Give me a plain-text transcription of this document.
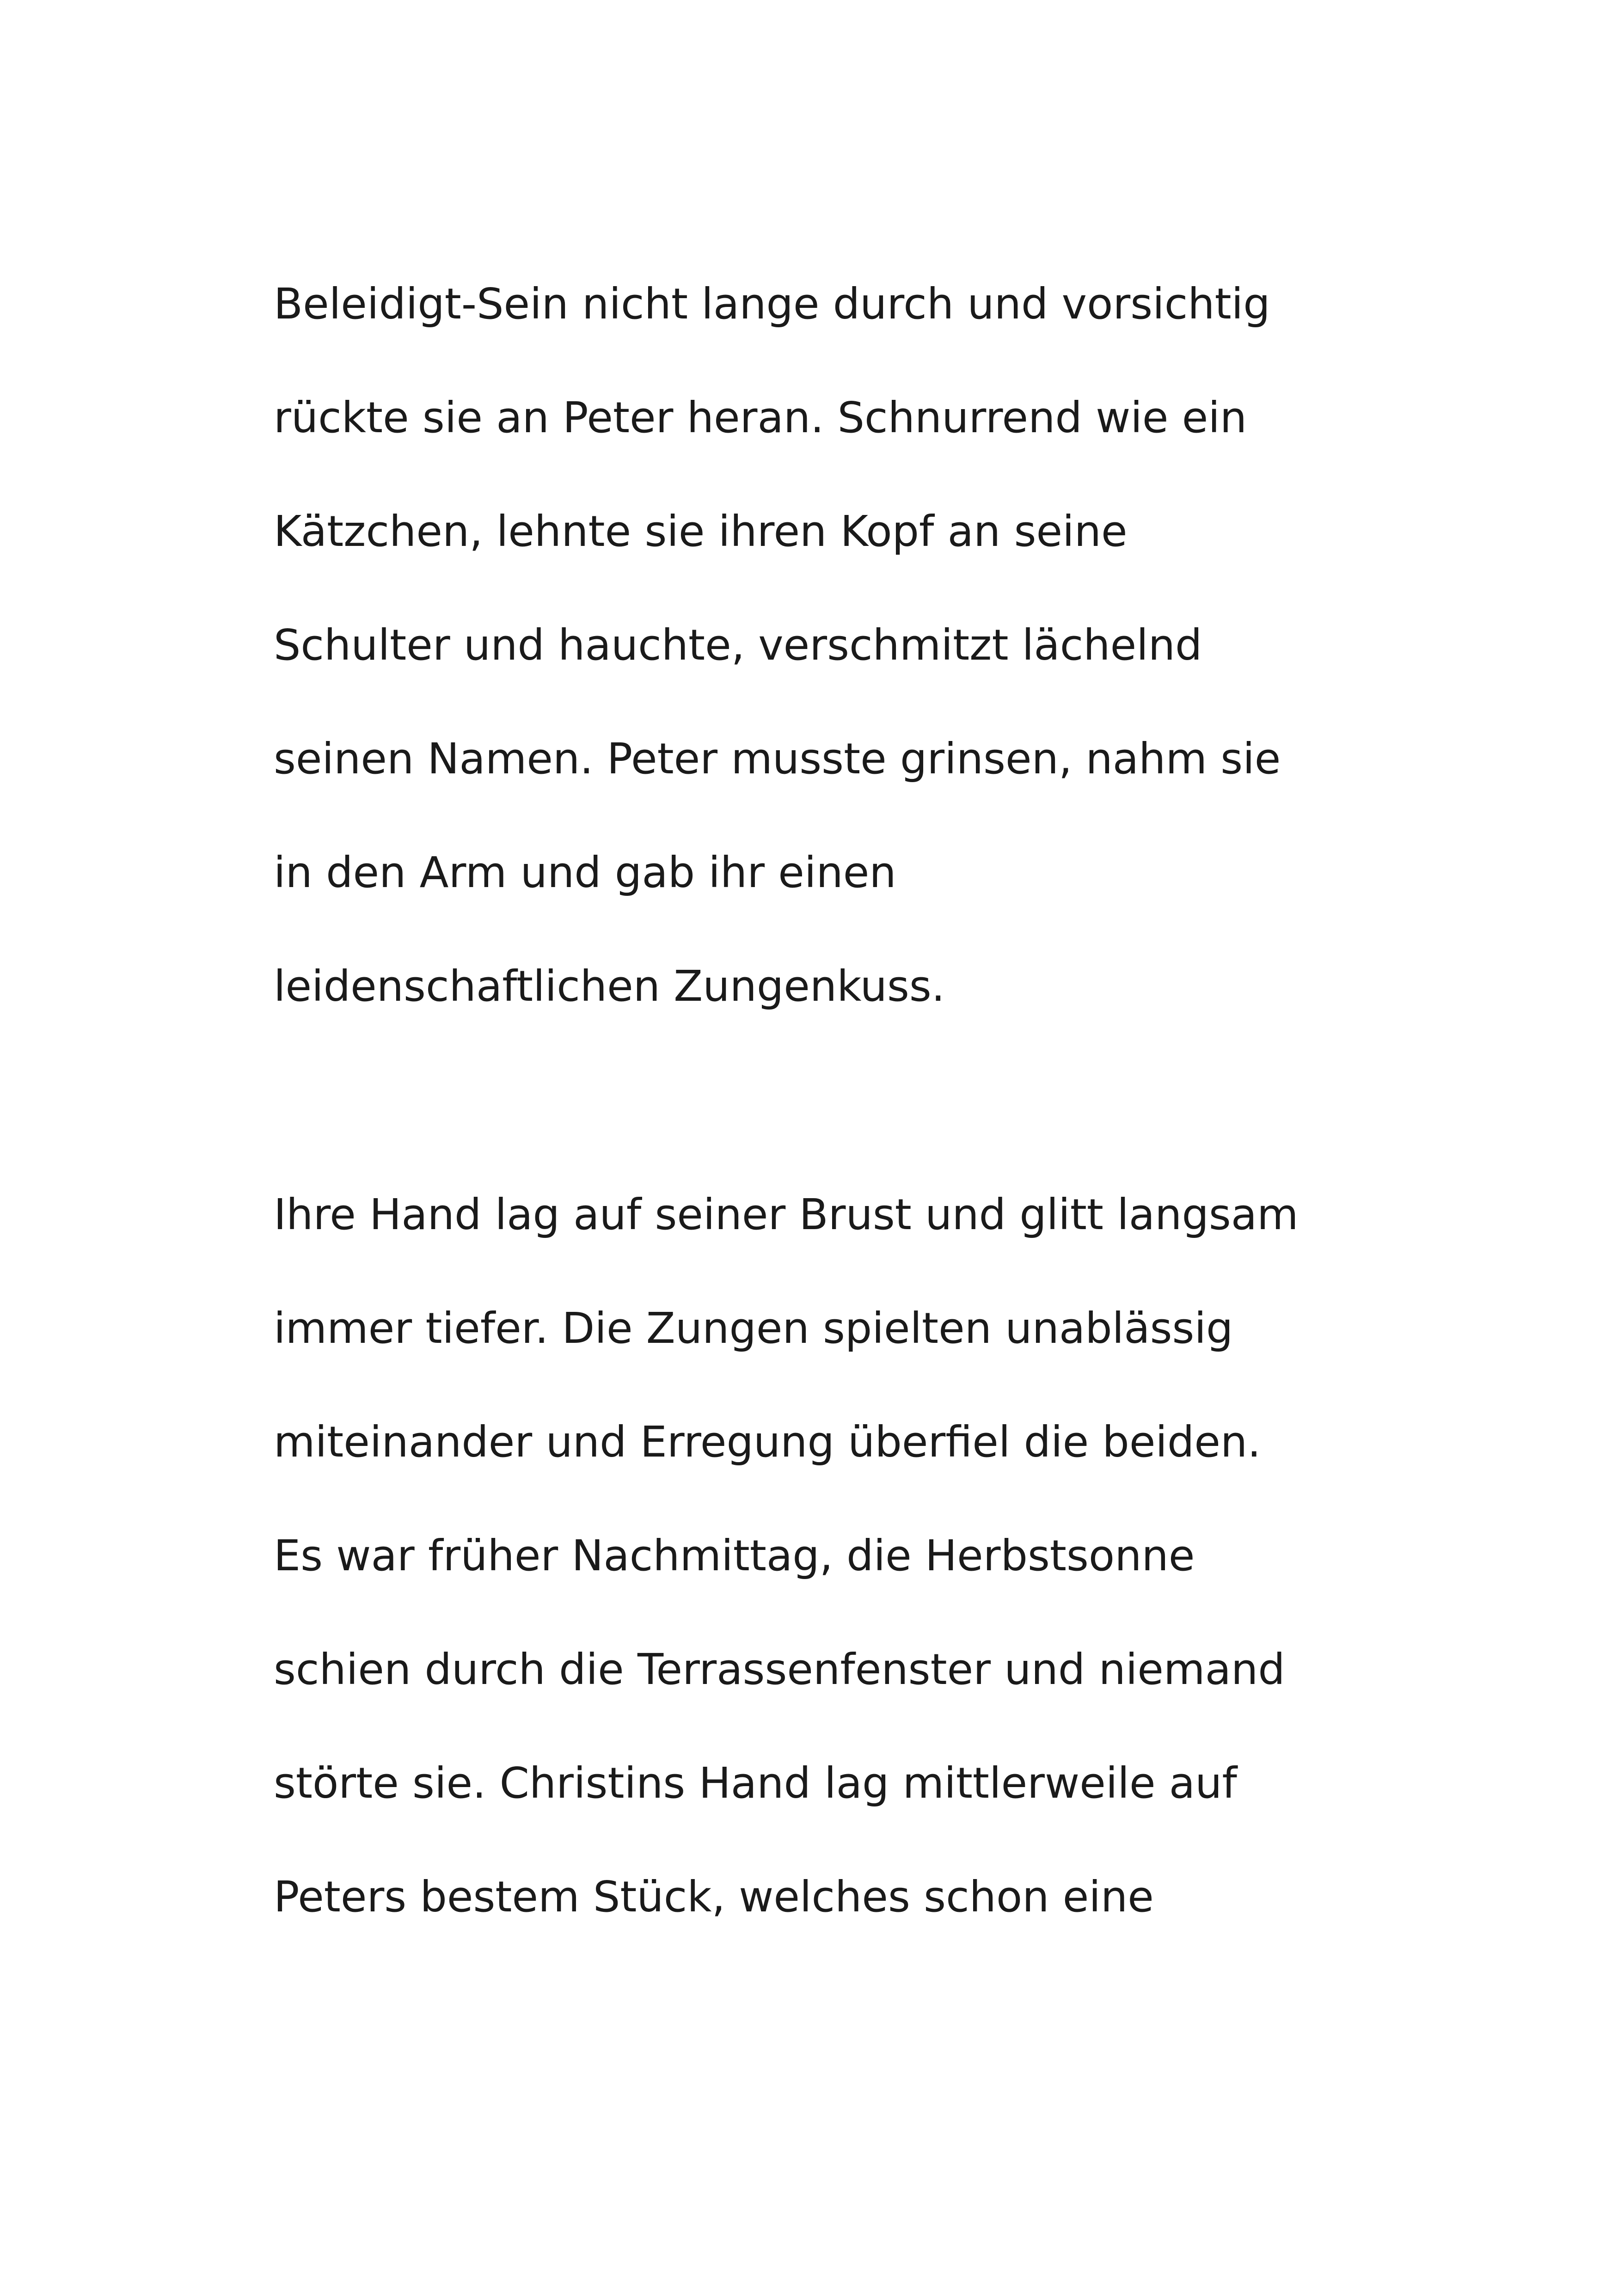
Beleidigt-Sein nicht lange durch und vorsichtig
rückte sie an Peter heran. Schnurrend wie ein
Kätzchen, lehnte sie ihren Kopf an seine
Schulter und hauchte, verschmitzt lächelnd
seinen Namen. Peter musste grinsen, nahm sie
in den Arm und gab ihr einen
leidenschaftlichen Zungenkuss.
Ihre Hand lag auf seiner Brust und glitt langsam
immer tiefer. Die Zungen spielten unablässig
miteinander und Erregung überfiel die beiden.
Es war früher Nachmittag, die Herbstsonne
schien durch die Terrassenfenster und niemand
störte sie. Christins Hand lag mittlerweile auf
Peters bestem Stück, welches schon eine
